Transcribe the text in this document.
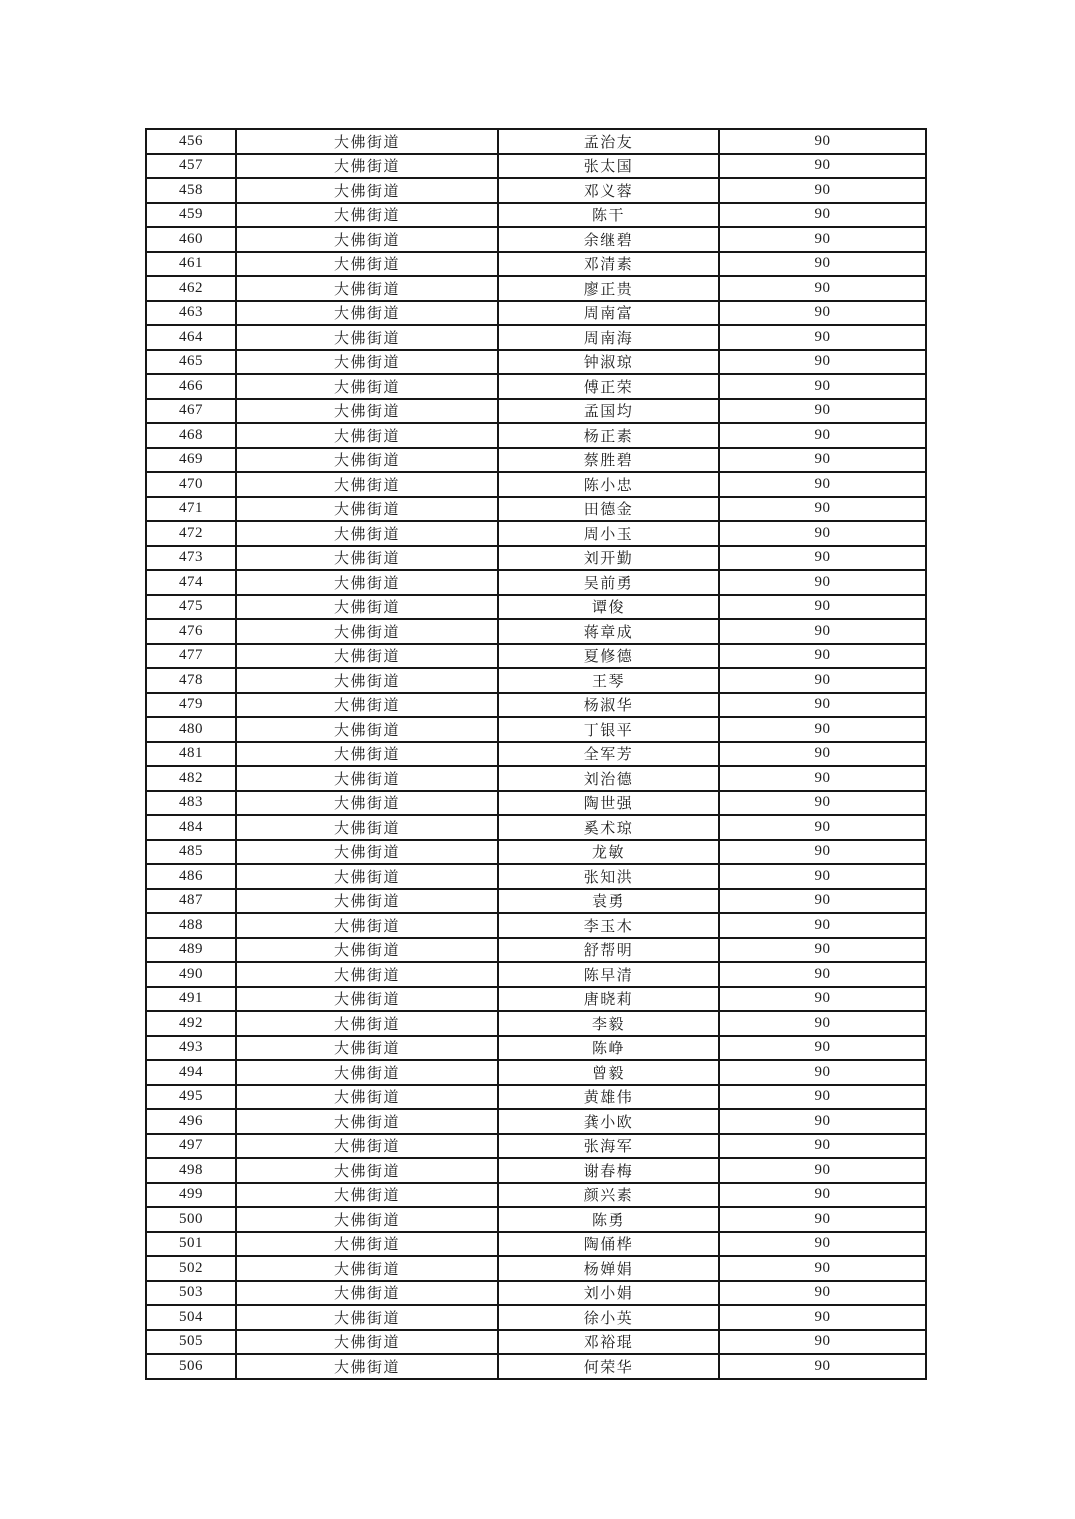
456	大佛街道	孟治友	90
457	大佛街道	张太国	90
458	大佛街道	邓义蓉	90
459	大佛街道	陈干	90
460	大佛街道	余继碧	90
461	大佛街道	邓清素	90
462	大佛街道	廖正贵	90
463	大佛街道	周南富	90
464	大佛街道	周南海	90
465	大佛街道	钟淑琼	90
466	大佛街道	傅正荣	90
467	大佛街道	孟国均	90
468	大佛街道	杨正素	90
469	大佛街道	蔡胜碧	90
470	大佛街道	陈小忠	90
471	大佛街道	田德金	90
472	大佛街道	周小玉	90
473	大佛街道	刘开勤	90
474	大佛街道	吴前勇	90
475	大佛街道	谭俊	90
476	大佛街道	蒋章成	90
477	大佛街道	夏修德	90
478	大佛街道	王琴	90
479	大佛街道	杨淑华	90
480	大佛街道	丁银平	90
481	大佛街道	全军芳	90
482	大佛街道	刘治德	90
483	大佛街道	陶世强	90
484	大佛街道	奚术琼	90
485	大佛街道	龙敏	90
486	大佛街道	张知洪	90
487	大佛街道	袁勇	90
488	大佛街道	李玉木	90
489	大佛街道	舒帮明	90
490	大佛街道	陈早清	90
491	大佛街道	唐晓莉	90
492	大佛街道	李毅	90
493	大佛街道	陈峥	90
494	大佛街道	曾毅	90
495	大佛街道	黄雄伟	90
496	大佛街道	龚小欧	90
497	大佛街道	张海军	90
498	大佛街道	谢春梅	90
499	大佛街道	颜兴素	90
500	大佛街道	陈勇	90
501	大佛街道	陶俑桦	90
502	大佛街道	杨婵娟	90
503	大佛街道	刘小娟	90
504	大佛街道	徐小英	90
505	大佛街道	邓裕琨	90
506	大佛街道	何荣华	90
